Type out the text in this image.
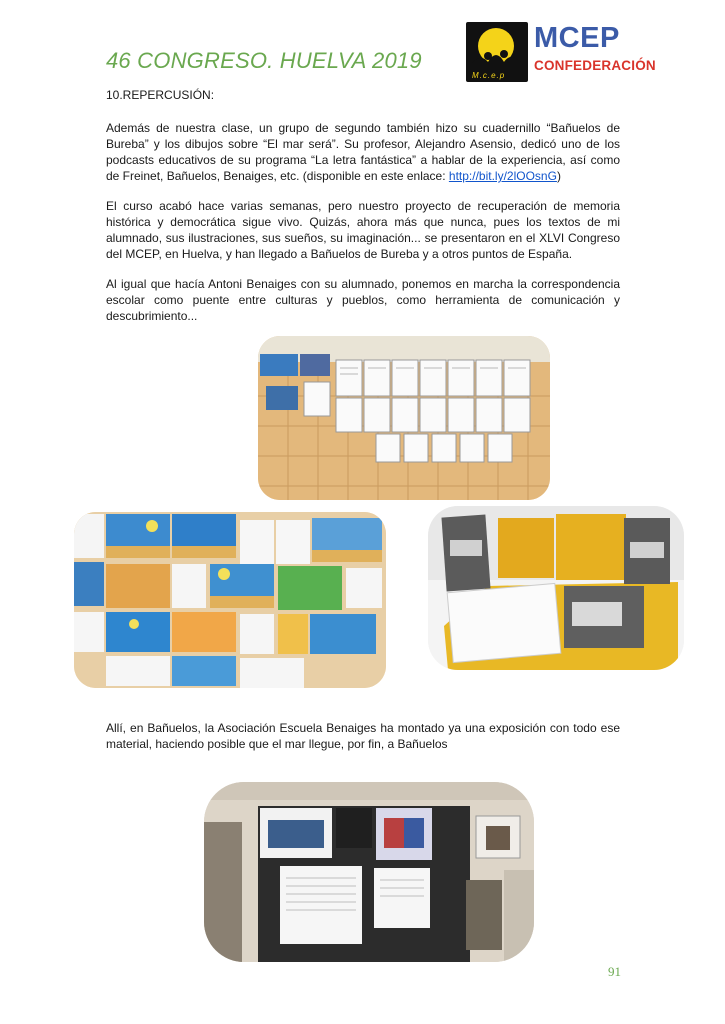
46 CONGRESO. HUELVA 2019
M.c.e.p
MCEP
CONFEDERACIÓN
10.REPERCUSIÓN:
Además de nuestra clase, un grupo de segundo también hizo su cuadernillo “Bañuelos de Bureba” y los dibujos sobre “El mar será”. Su profesor, Alejandro Asensio, dedicó uno de los podcasts educativos de su programa “La letra fantástica” a hablar de la experiencia, así como de Freinet, Bañuelos, Benaiges, etc. (disponible en este enlace: http://bit.ly/2lOOsnG)
El curso acabó hace varias semanas, pero nuestro proyecto de recuperación de memoria histórica y democrática sigue vivo. Quizás, ahora más que nunca, pues los textos de mi alumnado, sus ilustraciones, sus sueños, su imaginación... se presentaron en el XLVI Congreso del MCEP, en Huelva, y han llegado a Bañuelos de Bureba y a otros puntos de España.
Al igual que hacía Antoni Benaiges con su alumnado, ponemos en marcha la correspondencia escolar como puente entre culturas y pueblos, como herramienta de comunicación y descubrimiento...
Allí, en Bañuelos, la Asociación Escuela Benaiges ha montado ya una exposición con todo ese material, haciendo posible que el mar llegue, por fin, a Bañuelos
91
